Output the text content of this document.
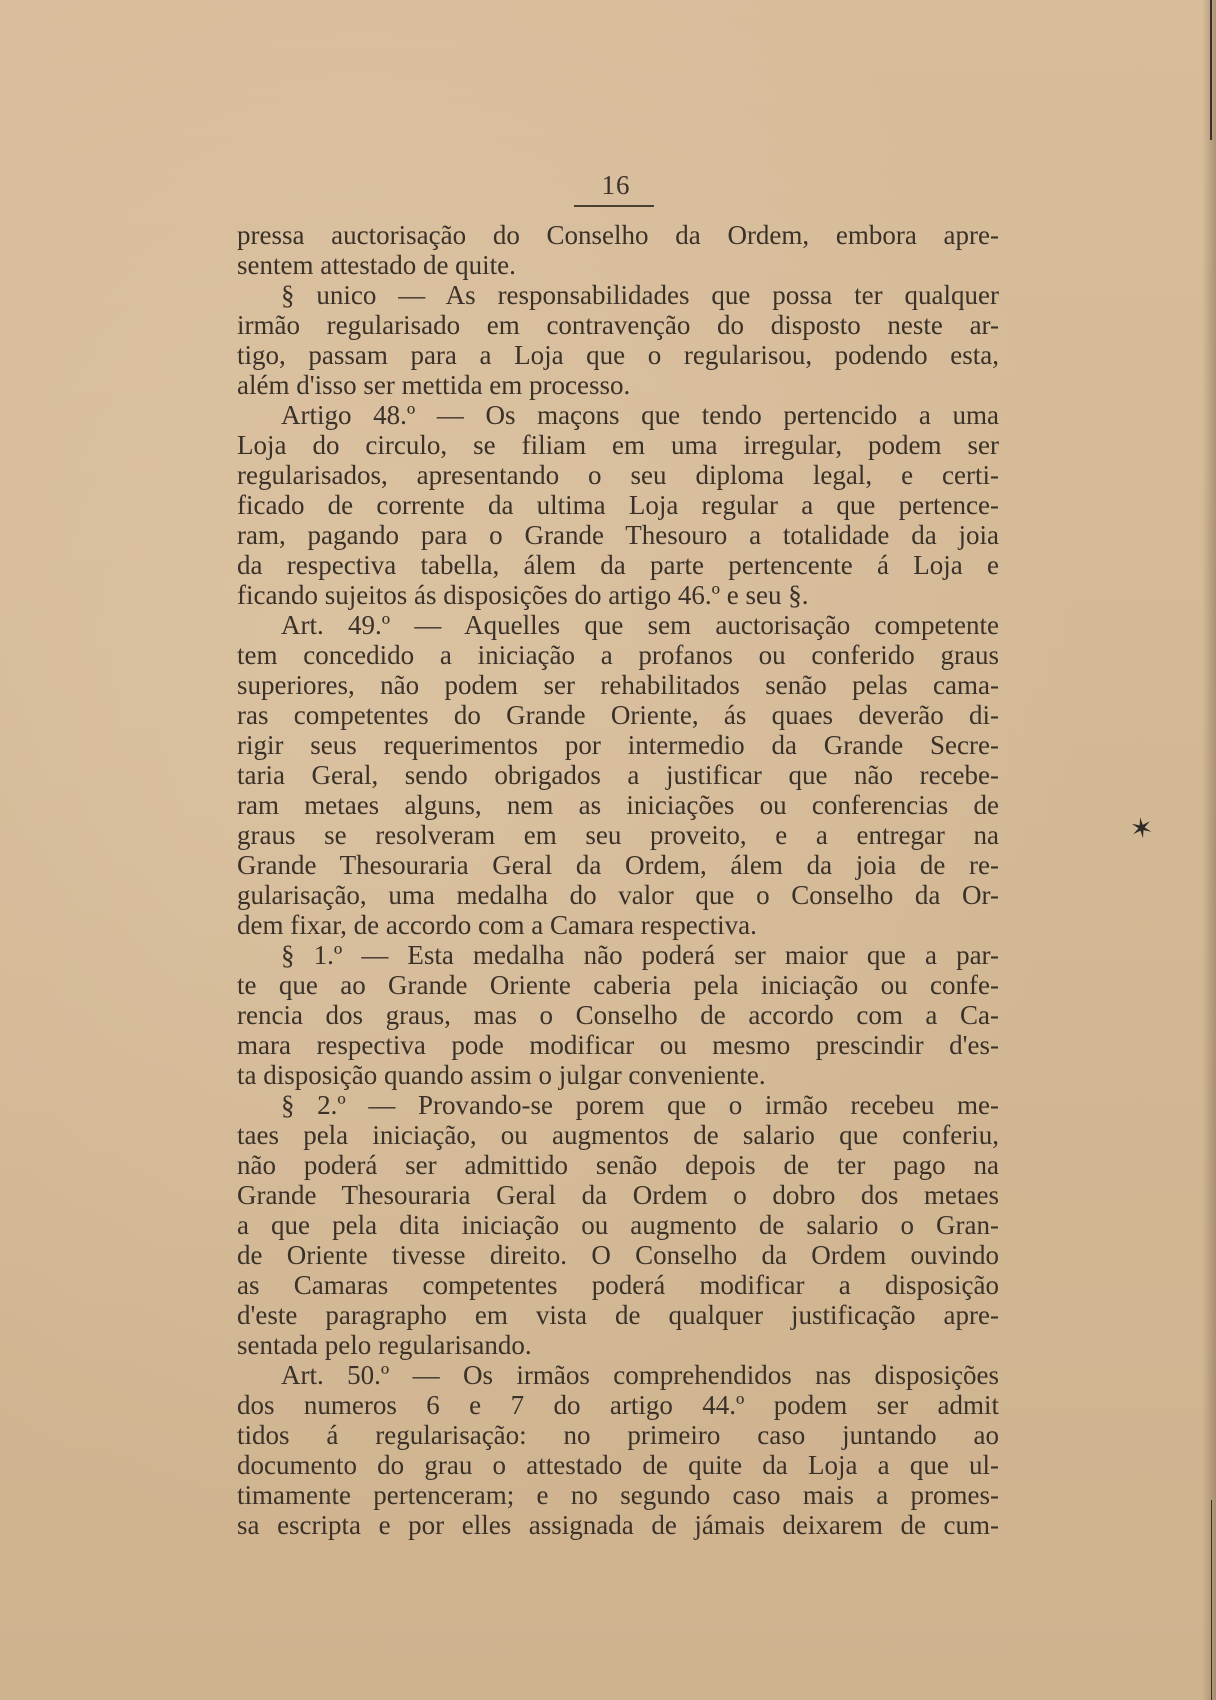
16
pressa auctorisação do Conselho da Ordem, embora apre-
sentem attestado de quite.
§ unico — As responsabilidades que possa ter qualquer
irmão regularisado em contravenção do disposto neste ar-
tigo, passam para a Loja que o regularisou, podendo esta,
além d'isso ser mettida em processo.
Artigo 48.º — Os maçons que tendo pertencido a uma
Loja do circulo, se filiam em uma irregular, podem ser
regularisados, apresentando o seu diploma legal, e certi-
ficado de corrente da ultima Loja regular a que pertence-
ram, pagando para o Grande Thesouro a totalidade da joia
da respectiva tabella, álem da parte pertencente á Loja e
ficando sujeitos ás disposições do artigo 46.º e seu §.
Art. 49.º — Aquelles que sem auctorisação competente
tem concedido a iniciação a profanos ou conferido graus
superiores, não podem ser rehabilitados senão pelas cama-
ras competentes do Grande Oriente, ás quaes deverão di-
rigir seus requerimentos por intermedio da Grande Secre-
taria Geral, sendo obrigados a justificar que não recebe-
ram metaes alguns, nem as iniciações ou conferencias de
graus se resolveram em seu proveito, e a entregar na
Grande Thesouraria Geral da Ordem, álem da joia de re-
gularisação, uma medalha do valor que o Conselho da Or-
dem fixar, de accordo com a Camara respectiva.
§ 1.º — Esta medalha não poderá ser maior que a par-
te que ao Grande Oriente caberia pela iniciação ou confe-
rencia dos graus, mas o Conselho de accordo com a Ca-
mara respectiva pode modificar ou mesmo prescindir d'es-
ta disposição quando assim o julgar conveniente.
§ 2.º — Provando-se porem que o irmão recebeu me-
taes pela iniciação, ou augmentos de salario que conferiu,
não poderá ser admittido senão depois de ter pago na
Grande Thesouraria Geral da Ordem o dobro dos metaes
a que pela dita iniciação ou augmento de salario o Gran-
de Oriente tivesse direito. O Conselho da Ordem ouvindo
as Camaras competentes poderá modificar a disposição
d'este paragrapho em vista de qualquer justificação apre-
sentada pelo regularisando.
Art. 50.º — Os irmãos comprehendidos nas disposições
dos numeros 6 e 7 do artigo 44.º podem ser admit
tidos á regularisação: no primeiro caso juntando ao
documento do grau o attestado de quite da Loja a que ul-
timamente pertenceram; e no segundo caso mais a promes-
sa escripta e por elles assignada de jámais deixarem de cum-
✶
